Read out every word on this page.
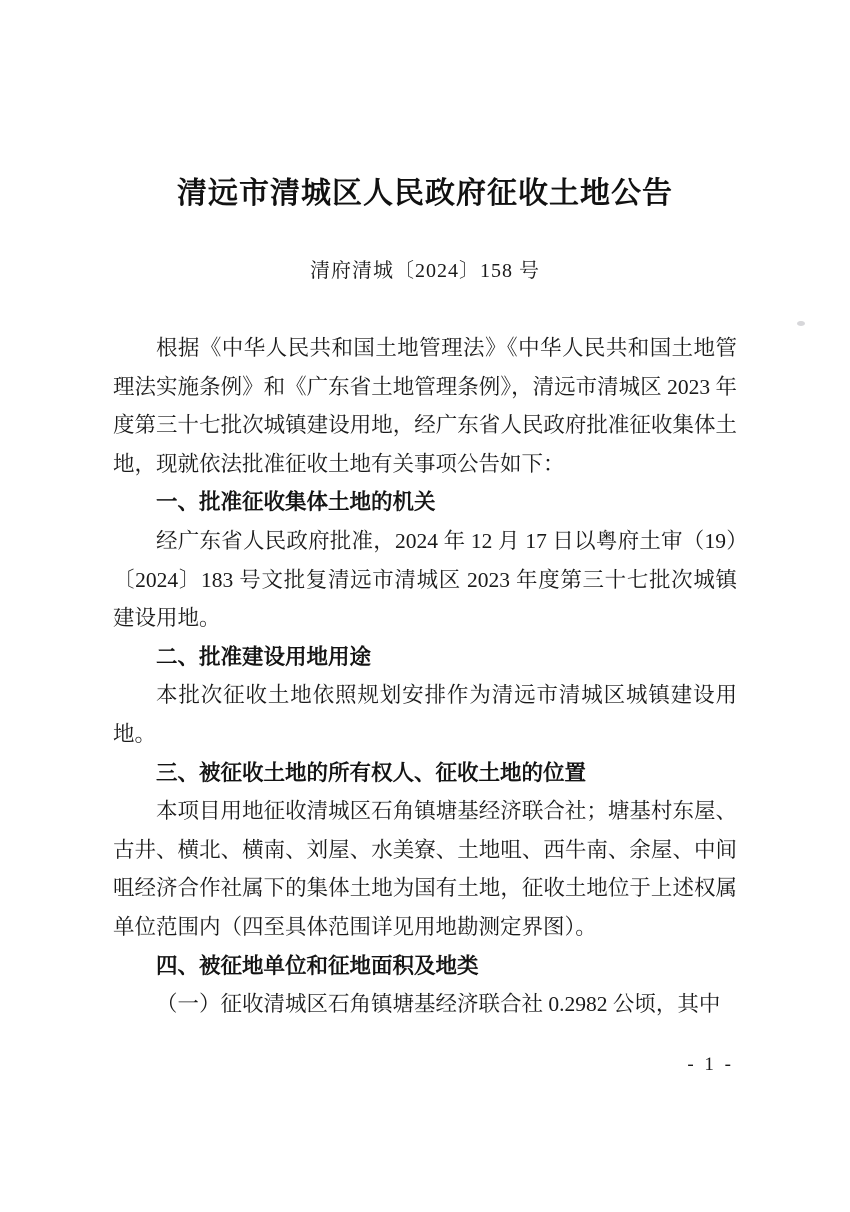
清远市清城区人民政府征收土地公告
清府清城〔2024〕158 号

根据《中华人民共和国土地管理法》《中华人民共和国土地管理法实施条例》和《广东省土地管理条例》，清远市清城区 2023 年度第三十七批次城镇建设用地，经广东省人民政府批准征收集体土地，现就依法批准征收土地有关事项公告如下：

一、批准征收集体土地的机关

经广东省人民政府批准，2024 年 12 月 17 日以粤府土审（19）〔2024〕183 号文批复清远市清城区 2023 年度第三十七批次城镇建设用地。

二、批准建设用地用途

本批次征收土地依照规划安排作为清远市清城区城镇建设用地。

三、被征收土地的所有权人、征收土地的位置

本项目用地征收清城区石角镇塘基经济联合社；塘基村东屋、古井、横北、横南、刘屋、水美寮、土地咀、西牛南、余屋、中间咀经济合作社属下的集体土地为国有土地，征收土地位于上述权属单位范围内（四至具体范围详见用地勘测定界图）。

四、被征地单位和征地面积及地类

（一）征收清城区石角镇塘基经济联合社 0.2982 公顷，其中

- 1 -
